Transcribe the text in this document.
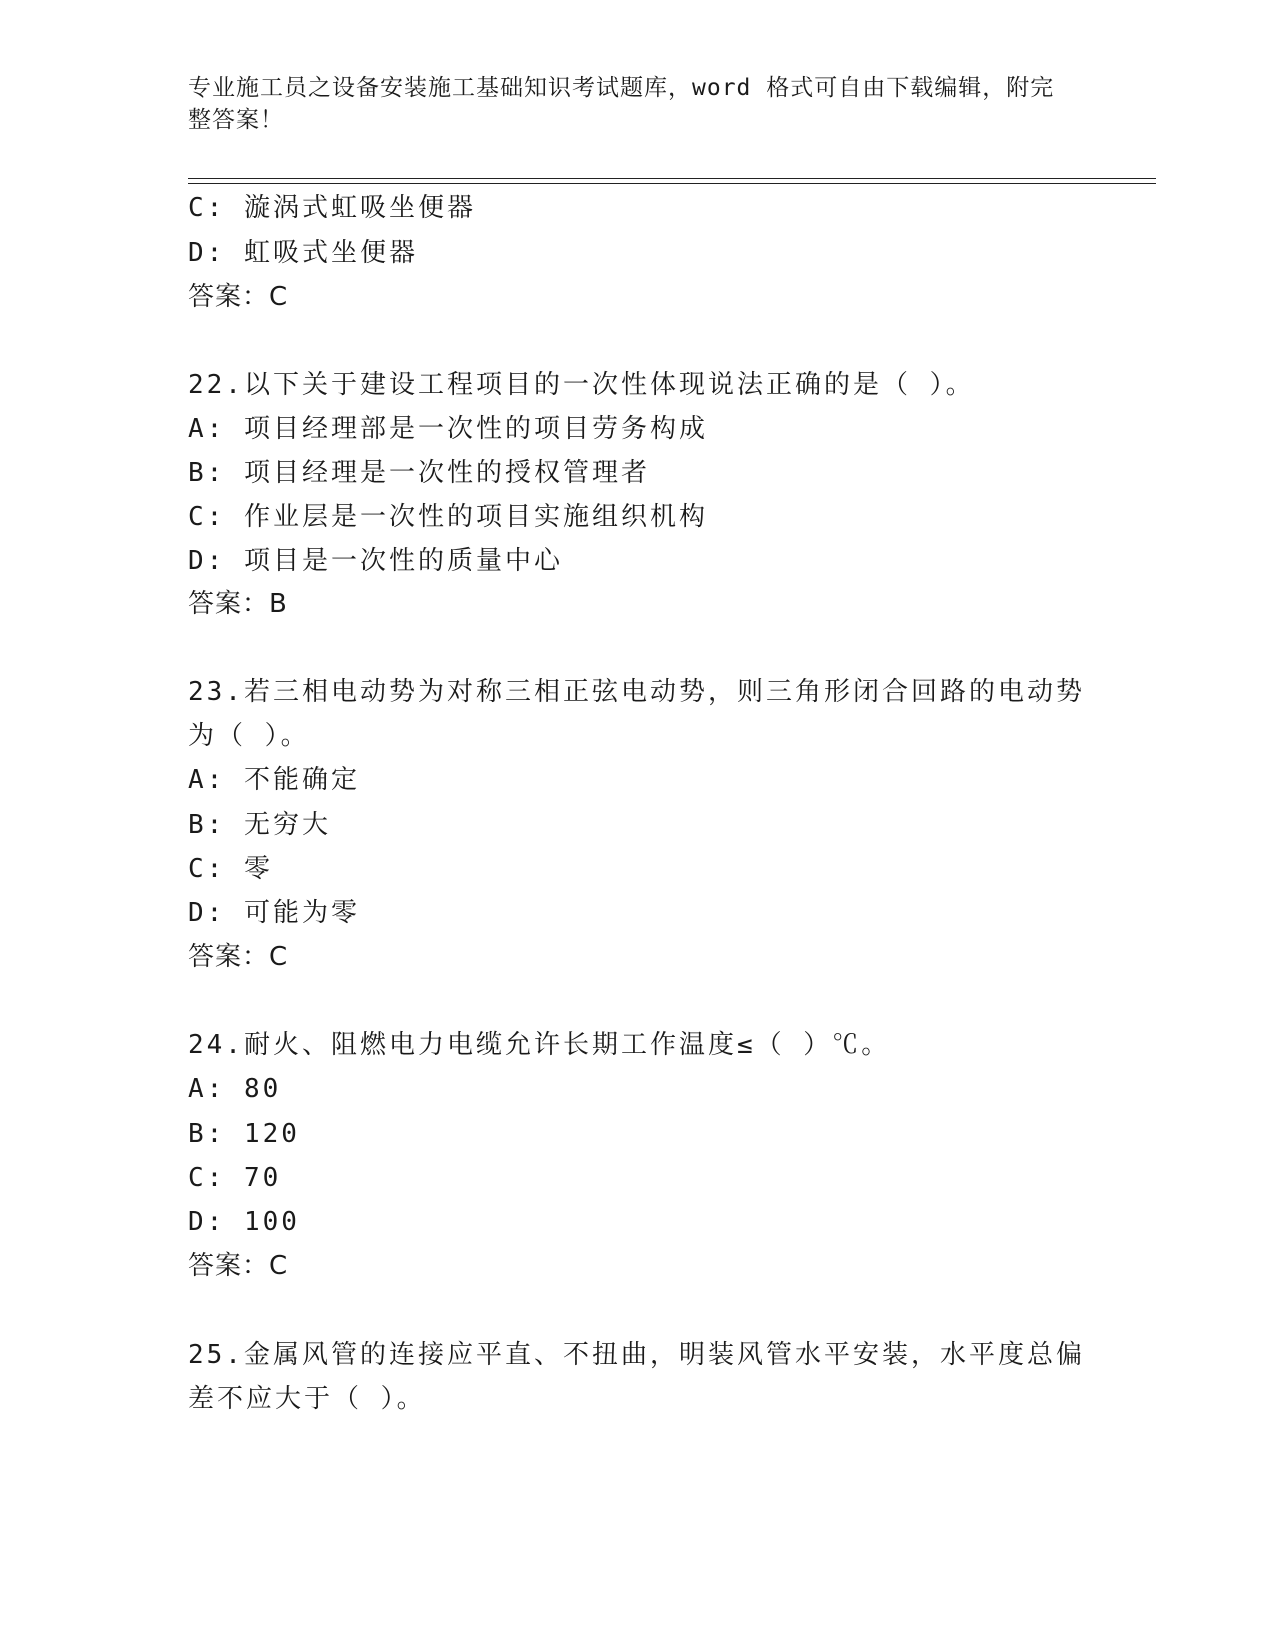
专业施工员之设备安装施工基础知识考试题库，word 格式可自由下载编辑，附完
整答案！
C: 漩涡式虹吸坐便器
D: 虹吸式坐便器
答案：C
22.以下关于建设工程项目的一次性体现说法正确的是（ ）。
A: 项目经理部是一次性的项目劳务构成
B: 项目经理是一次性的授权管理者
C: 作业层是一次性的项目实施组织机构
D: 项目是一次性的质量中心
答案：B
23.若三相电动势为对称三相正弦电动势，则三角形闭合回路的电动势
为（ ）。
A: 不能确定
B: 无穷大
C: 零
D: 可能为零
答案：C
24.耐火、阻燃电力电缆允许长期工作温度≤（ ）℃。
A: 80
B: 120
C: 70
D: 100
答案：C
25.金属风管的连接应平直、不扭曲，明装风管水平安装，水平度总偏
差不应大于（ ）。
